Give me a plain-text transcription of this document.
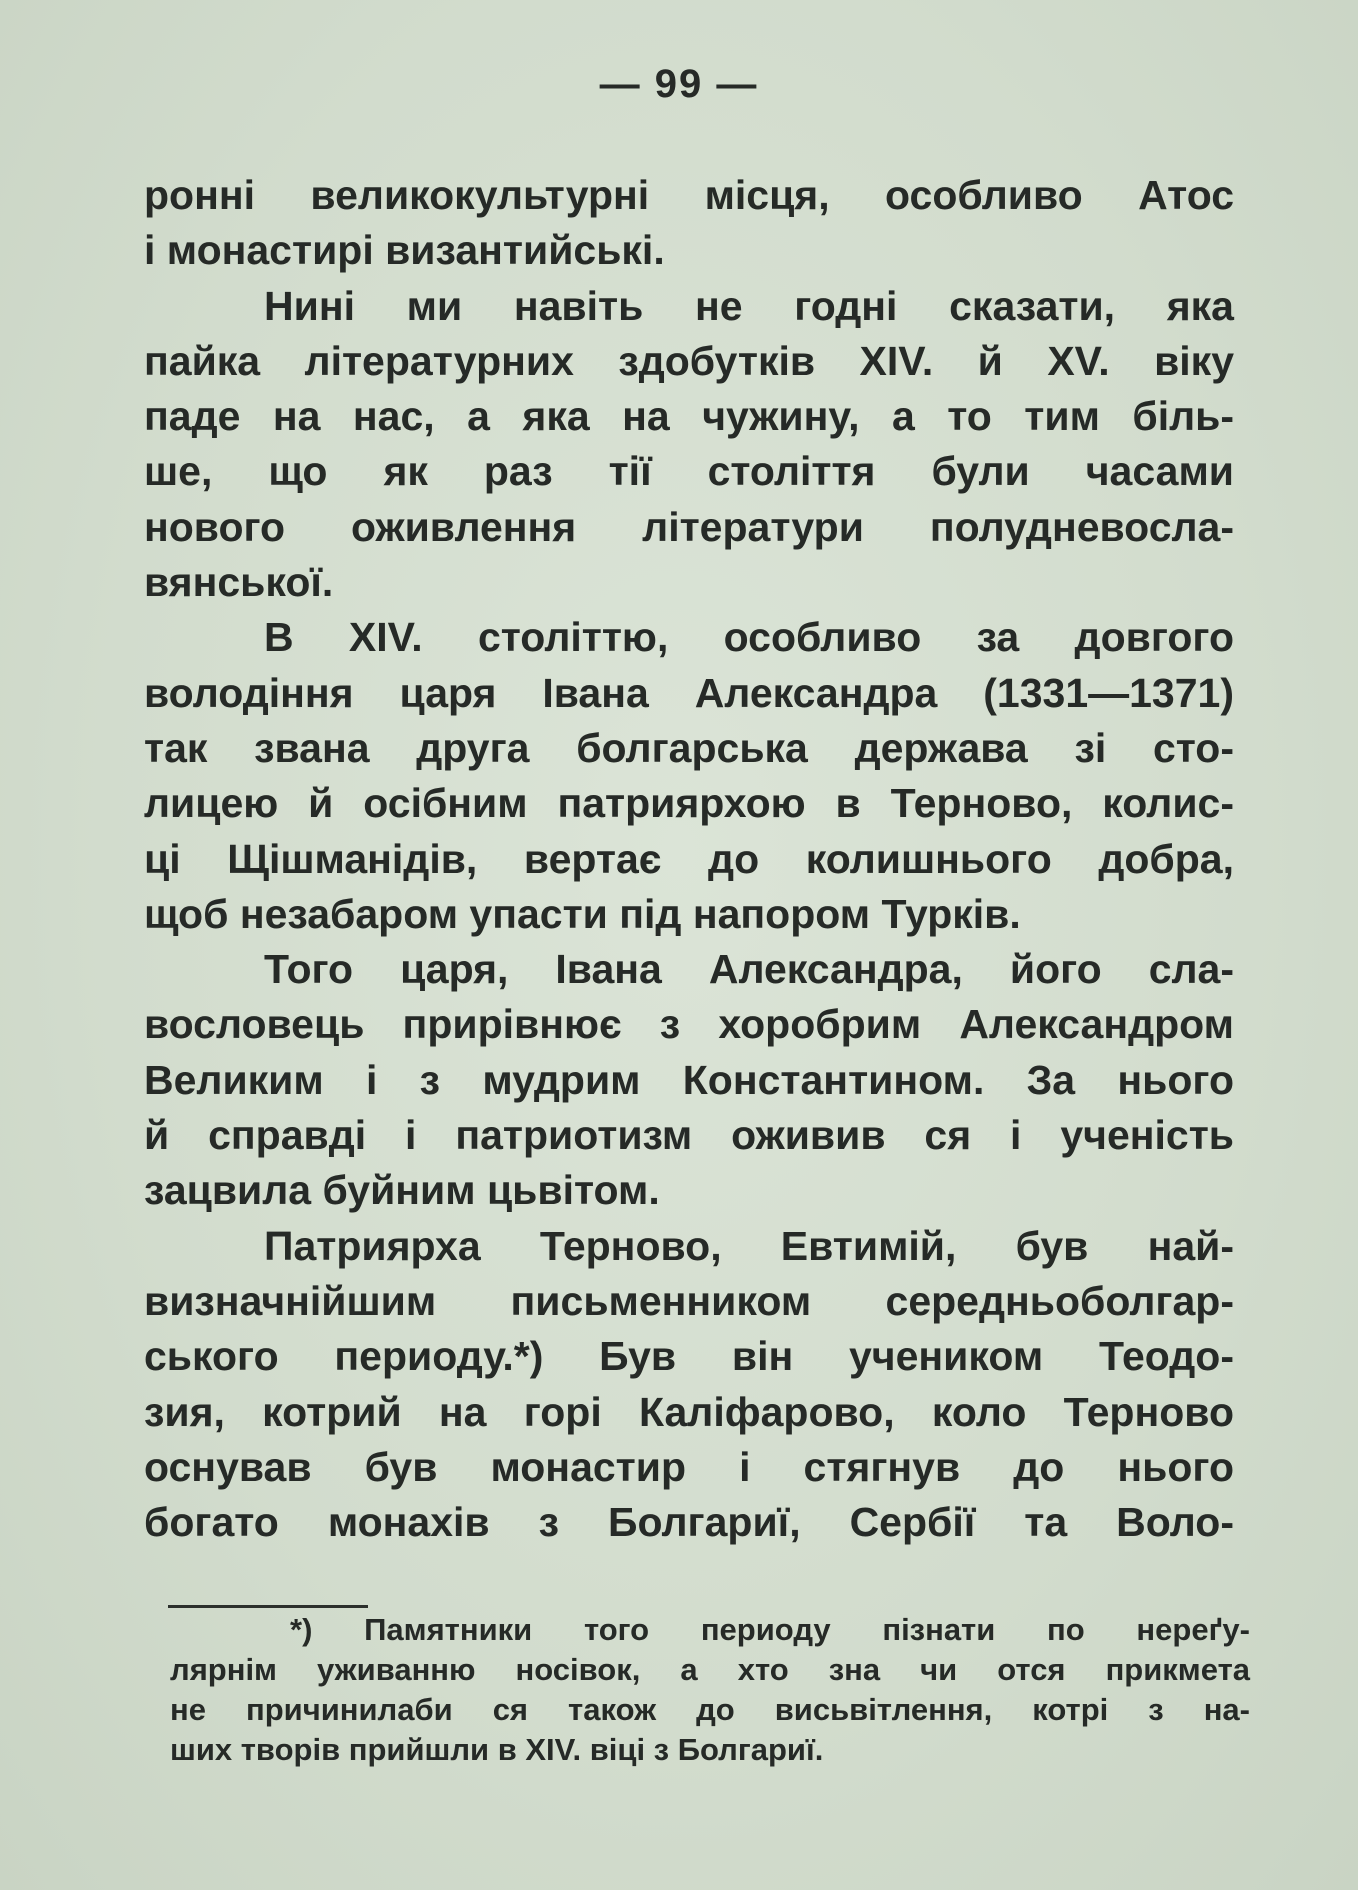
— 99 —
ронні великокультурні місця, особливо Атос
і монастирі византийські.
Нині ми навіть не годні сказати, яка
пайка літературних здобутків XIV. й XV. віку
паде на нас, а яка на чужину, а то тим біль-
ше, що як раз тії століття були часами
нового оживлення літератури полудневосла-
вянської.
В XIV. століттю, особливо за довгого
володіння царя Івана Александра (1331—1371)
так звана друга болгарська держава зі сто-
лицею й осібним патриярхою в Терново, колис-
ці Щішманідів, вертає до колишнього добра,
щоб незабаром упасти під напором Турків.
Того царя, Івана Александра, його сла-
вословець прирівнює з хоробрим Александром
Великим і з мудрим Константином. За нього
й справді і патриотизм оживив ся і ученість
зацвила буйним цьвітом.
Патриярха Терново, Евтимій, був най-
визначнійшим письменником середньоболгар-
ського периоду.*) Був він учеником Теодо-
зия, котрий на горі Каліфарово, коло Терново
оснував був монастир і стягнув до нього
богато монахів з Болгариї, Сербії та Воло-
*) Памятники того периоду пізнати по нереґу-
лярнім уживанню носівок, а хто зна чи отся прикмета
не причинилаби ся також до висьвітлення, котрі з на-
ших творів прийшли в XIV. віці з Болгариї.
